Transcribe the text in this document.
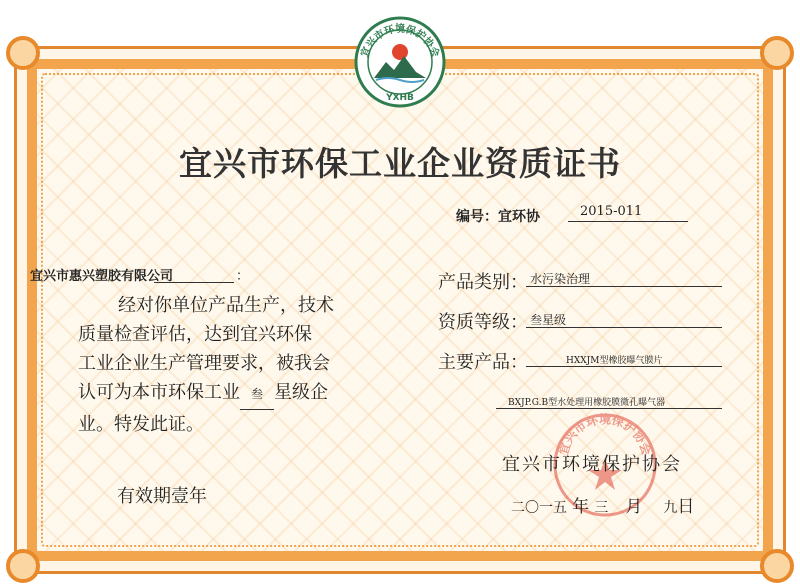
宜兴市环境保护协会
YXHB
宜兴市环保工业企业资质证书
编号：宜环协	2015-011
宜兴市惠兴塑胶有限公司	：
经对你单位产品生产，技术
质量检查评估，达到宜兴环保
工业企业生产管理要求，被我会
认可为本市环保工业 叁 星级企
业。特发此证。
有效期壹年
产品类别： 水污染治理
资质等级： 叁星级
主要产品：	HXXJM型橡胶曝气膜片
BXJP.G.B型水处理用橡胶膜微孔曝气器
宜兴市环境保护协会
宜兴市环境保护协会
二〇一五 年 三 月 九日
